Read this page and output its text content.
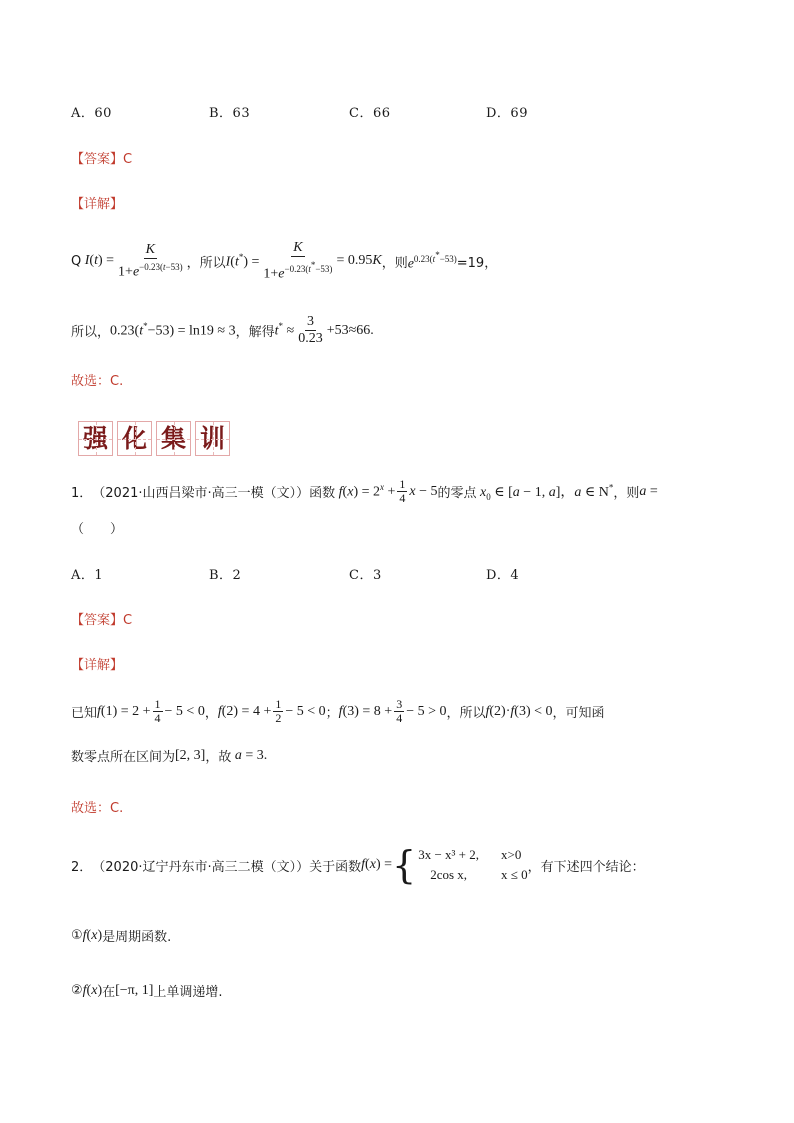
A．60	B．63	C．66	D．69
【答案】C
【详解】
Q $I(t) = \frac{K}{1+e^{-0.23(t-53)}}$ ，所以 $I(t^*) = \frac{K}{1+e^{-0.23(t^*-53)}} = 0.95K$ ，则 $e^{0.23(t^*-53)} =19$，
所以， 0.23(t*−53) = ln19 ≈ 3 ，解得 $t^* \approx \frac{3}{0.23} +53\approx 66$.
故选：C.
强 化 集 训
1． （2021·山西吕梁市·高三一模（文）） 函数 $f(x) = 2^x + \frac{1}{4}$ x − 5 的零点 $x_0$ ∈ [a − 1, a]，a ∈ N* ，则 a =
（　　）
A．1	B．2	C．3	D．4
【答案】C
【详解】
已知 $f(1) = 2 + \frac{1}{4} - 5 < 0$ ， $f(2) = 4 + \frac{1}{2} - 5 < 0$ ； $f(3) = 8 + \frac{3}{4} - 5 > 0$ ，所以 f(2)·f(3) < 0 ，可知函
数零点所在区间为 [2, 3] ，故 a = 3.
故选：C.
2． （2020·辽宁丹东市·高三二模（文）） 关于函数 f(x) = { 3x − x³ + 2, x>0
2cos x,	x ≤ 0 ，有下述四个结论：
① f(x) 是周期函数.
② f(x) 在 [−π, 1] 上单调递增.
